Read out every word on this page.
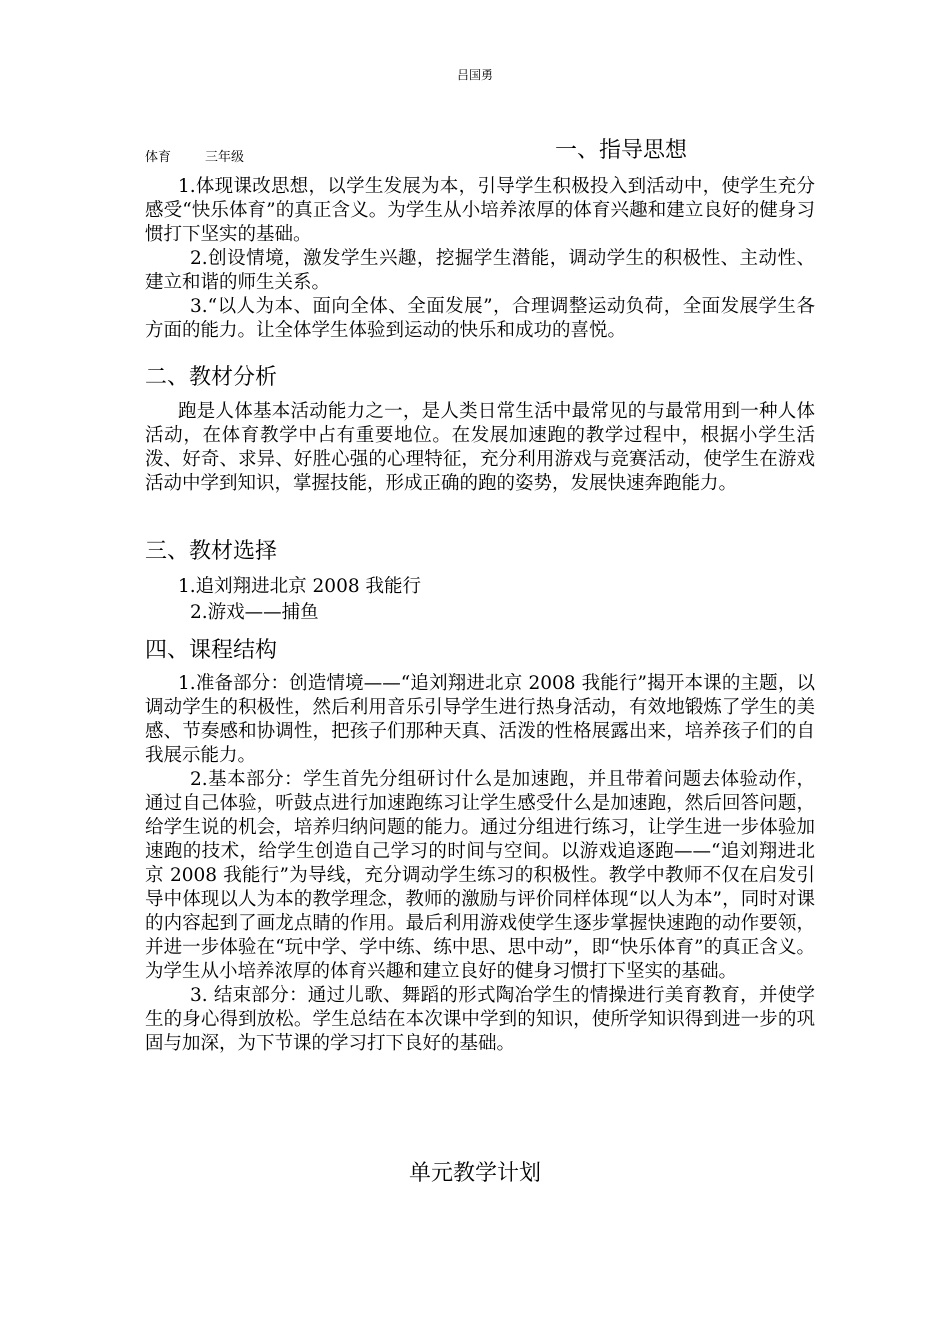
吕国勇
体育	三年级	一、指导思想

1.体现课改思想，以学生发展为本，引导学生积极投入到活动中，使学生充分感受“快乐体育”的真正含义。为学生从小培养浓厚的体育兴趣和建立良好的健身习惯打下坚实的基础。

2.创设情境，激发学生兴趣，挖掘学生潜能，调动学生的积极性、主动性、建立和谐的师生关系。

3.“以人为本、面向全体、全面发展”，合理调整运动负荷，全面发展学生各方面的能力。让全体学生体验到运动的快乐和成功的喜悦。

二、教材分析

跑是人体基本活动能力之一，是人类日常生活中最常见的与最常用到一种人体活动，在体育教学中占有重要地位。在发展加速跑的教学过程中，根据小学生活泼、好奇、求异、好胜心强的心理特征，充分利用游戏与竞赛活动，使学生在游戏活动中学到知识，掌握技能，形成正确的跑的姿势，发展快速奔跑能力。

三、教材选择
1.追刘翔进北京 2008 我能行
2.游戏——捕鱼
四、课程结构

1.准备部分：创造情境——“追刘翔进北京 2008 我能行”揭开本课的主题，以调动学生的积极性，然后利用音乐引导学生进行热身活动，有效地锻炼了学生的美感、节奏感和协调性，把孩子们那种天真、活泼的性格展露出来，培养孩子们的自我展示能力。

2.基本部分：学生首先分组研讨什么是加速跑，并且带着问题去体验动作，通过自己体验，听鼓点进行加速跑练习让学生感受什么是加速跑，然后回答问题，给学生说的机会，培养归纳问题的能力。通过分组进行练习，让学生进一步体验加速跑的技术，给学生创造自己学习的时间与空间。以游戏追逐跑——“追刘翔进北京 2008 我能行”为导线，充分调动学生练习的积极性。教学中教师不仅在启发引导中体现以人为本的教学理念，教师的激励与评价同样体现“以人为本”，同时对课的内容起到了画龙点睛的作用。最后利用游戏使学生逐步掌握快速跑的动作要领，并进一步体验在“玩中学、学中练、练中思、思中动”，即“快乐体育”的真正含义。为学生从小培养浓厚的体育兴趣和建立良好的健身习惯打下坚实的基础。

3. 结束部分：通过儿歌、舞蹈的形式陶冶学生的情操进行美育教育，并使学生的身心得到放松。学生总结在本次课中学到的知识，使所学知识得到进一步的巩固与加深，为下节课的学习打下良好的基础。

单元教学计划
